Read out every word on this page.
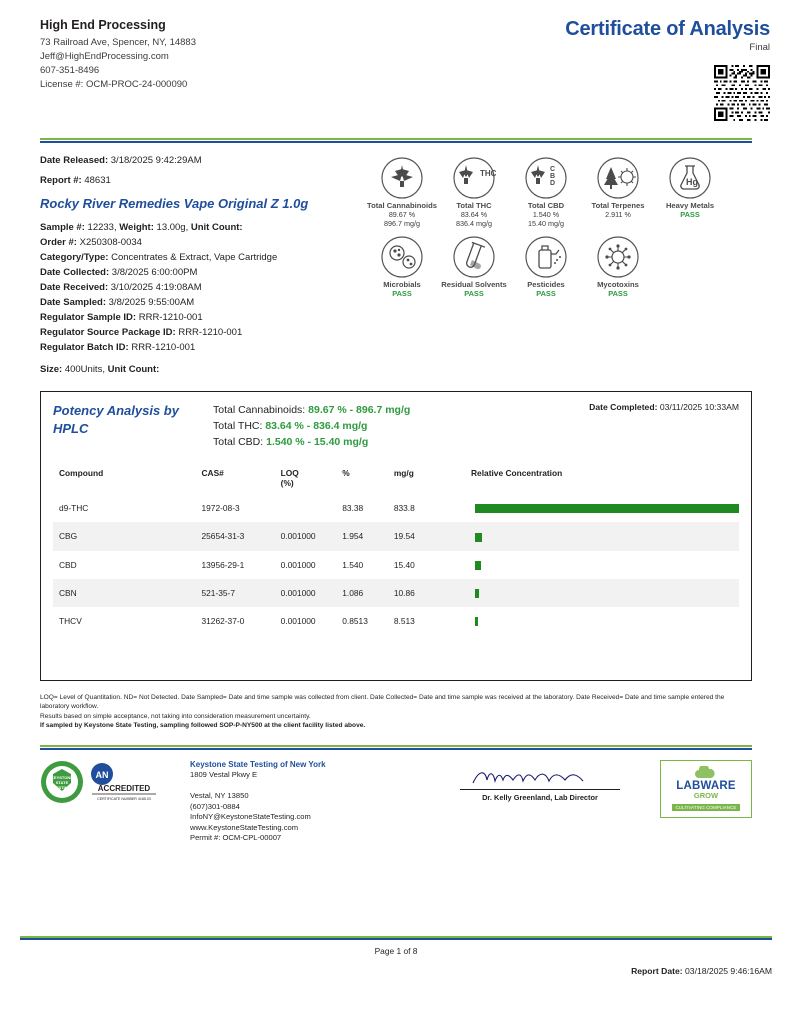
High End Processing
73 Railroad Ave, Spencer, NY, 14883
Jeff@HighEndProcessing.com
607-351-8496
License #: OCM-PROC-24-000090
Certificate of Analysis
Final
Date Released: 3/18/2025 9:42:29AM
Report #: 48631
Rocky River Remedies Vape Original Z 1.0g
Sample #: 12233, Weight: 13.00g, Unit Count:
Order #: X250308-0034
Category/Type: Concentrates & Extract, Vape Cartridge
Date Collected: 3/8/2025 6:00:00PM
Date Received: 3/10/2025 4:19:08AM
Date Sampled: 3/8/2025 9:55:00AM
Regulator Sample ID: RRR-1210-001
Regulator Source Package ID: RRR-1210-001
Regulator Batch ID: RRR-1210-001
Size: 400Units, Unit Count:
Total Cannabinoids
89.67 %
896.7 mg/g
THC
Total THC
83.64 %
836.4 mg/g
C
B
D
Total CBD
1.540 %
15.40 mg/g
Total Terpenes
2.911 %
Hg
Heavy Metals
PASS
Microbials
PASS
Residual Solvents
PASS
Pesticides
PASS
Mycotoxins
PASS
Potency Analysis by HPLC
Total Cannabinoids: 89.67 % - 896.7 mg/g
Total THC: 83.64 % - 836.4 mg/g
Total CBD: 1.540 % - 15.40 mg/g
Date Completed: 03/11/2025 10:33AM
Compound	CAS#	LOQ
(%)	%	mg/g	Relative Concentration
d9-THC	1972-08-3		83.38	833.8	
CBG	25654-31-3	0.001000	1.954	19.54	
CBD	13956-29-1	0.001000	1.540	15.40	
CBN	521-35-7	0.001000	1.086	10.86	
THCV	31262-37-0	0.001000	0.8513	8.513	
LOQ= Level of Quantitation. ND= Not Detected. Date Sampled= Date and time sample was collected from client. Date Collected= Date and time sample was received at the laboratory. Date Received= Date and time sample entered the laboratory workflow.
Results based on simple acceptance, not taking into consideration measurement uncertainty.
If sampled by Keystone State Testing, sampling followed SOP-P-NY500 at the client facility listed above.
KEYSTONE
STATE
TESTING
AN
ACCREDITED
CERTIFICATE NUMBER 4185.03
Keystone State Testing of New York
1809 Vestal Pkwy E

Vestal, NY 13850
(607)301-0884
InfoNY@KeystoneStateTesting.com
www.KeystoneStateTesting.com
Permit #: OCM-CPL-00007
Dr. Kelly Greenland, Lab Director
LABWARE
GROW
CULTIVATING COMPLIANCE
Page 1 of 8
Report Date: 03/18/2025 9:46:16AM
